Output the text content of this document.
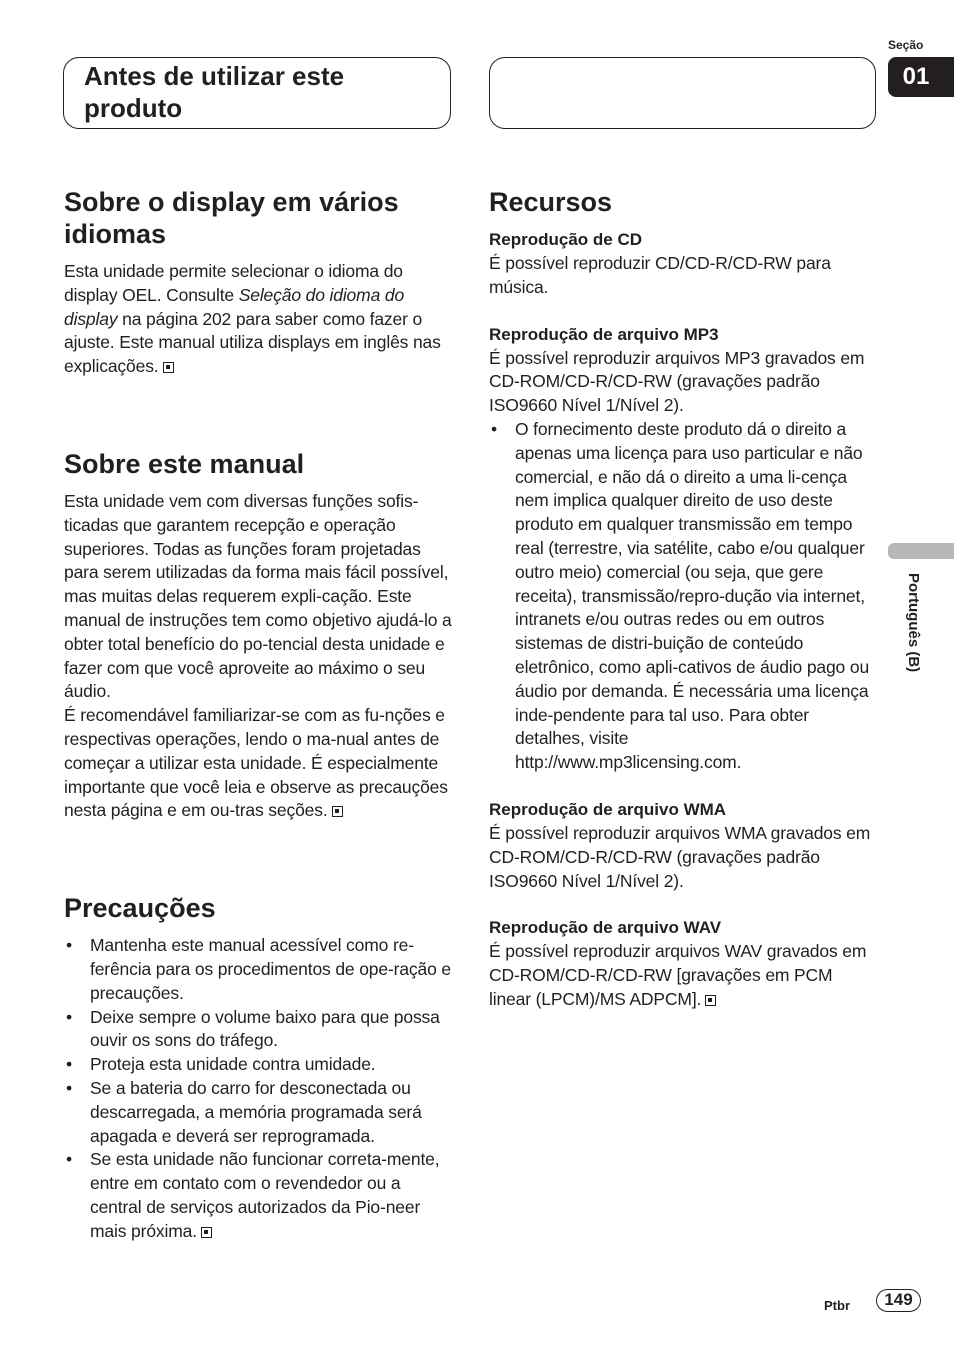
Antes de utilizar este produto
Seção
01
Português (B)
Sobre o display em vários idiomas

Esta unidade permite selecionar o idioma do display OEL. Consulte Seleção do idioma do display na página 202 para saber como fazer o ajuste. Este manual utiliza displays em inglês nas explicações.

Sobre este manual

Esta unidade vem com diversas funções sofis-ticadas que garantem recepção e operação superiores. Todas as funções foram projetadas para serem utilizadas da forma mais fácil possível, mas muitas delas requerem expli-cação. Este manual de instruções tem como objetivo ajudá-lo a obter total benefício do po-tencial desta unidade e fazer com que você aproveite ao máximo o seu áudio.

É recomendável familiarizar-se com as fu-nções e respectivas operações, lendo o ma-nual antes de começar a utilizar esta unidade. É especialmente importante que você leia e observe as precauções nesta página e em ou-tras seções.

Precauções
• Mantenha este manual acessível como re-ferência para os procedimentos de ope-ração e precauções.
• Deixe sempre o volume baixo para que possa ouvir os sons do tráfego.
• Proteja esta unidade contra umidade.
• Se a bateria do carro for desconectada ou descarregada, a memória programada será apagada e deverá ser reprogramada.
• Se esta unidade não funcionar correta-mente, entre em contato com o revendedor ou a central de serviços autorizados da Pio-neer mais próxima.
Recursos
Reprodução de CD

É possível reproduzir CD/CD-R/CD-RW para música.

Reprodução de arquivo MP3

É possível reproduzir arquivos MP3 gravados em CD-ROM/CD-R/CD-RW (gravações padrão ISO9660 Nível 1/Nível 2).

• O fornecimento deste produto dá o direito a apenas uma licença para uso particular e não comercial, e não dá o direito a uma li-cença nem implica qualquer direito de uso deste produto em qualquer transmissão em tempo real (terrestre, via satélite, cabo e/ou qualquer outro meio) comercial (ou seja, que gere receita), transmissão/repro-dução via internet, intranets e/ou outras redes ou em outros sistemas de distri-buição de conteúdo eletrônico, como apli-cativos de áudio pago ou áudio por demanda. É necessária uma licença inde-pendente para tal uso. Para obter detalhes, visite
http://www.mp3licensing.com.
Reprodução de arquivo WMA

É possível reproduzir arquivos WMA gravados em CD-ROM/CD-R/CD-RW (gravações padrão ISO9660 Nível 1/Nível 2).

Reprodução de arquivo WAV

É possível reproduzir arquivos WAV gravados em CD-ROM/CD-R/CD-RW [gravações em PCM linear (LPCM)/MS ADPCM].

Ptbr	149
